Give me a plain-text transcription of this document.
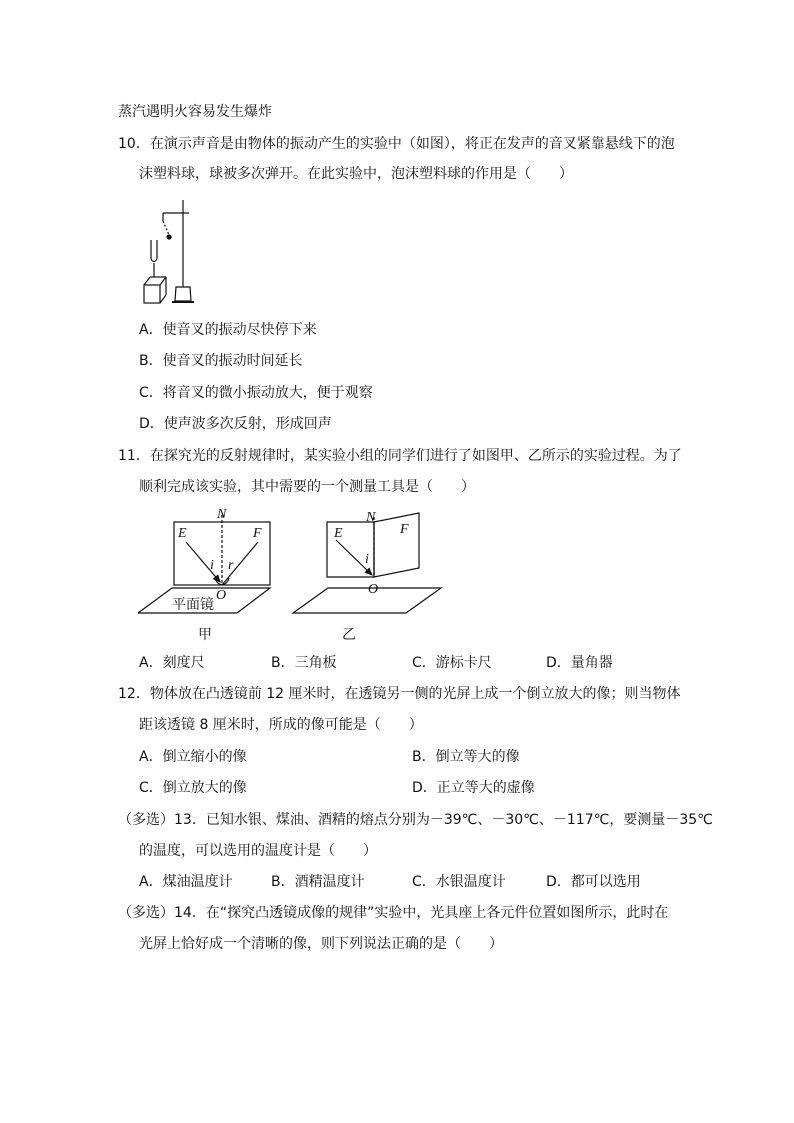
蒸汽遇明火容易发生爆炸
10．在演示声音是由物体的振动产生的实验中（如图），将正在发声的音叉紧靠悬线下的泡
沫塑料球，球被多次弹开。在此实验中，泡沫塑料球的作用是（　　）
A．使音叉的振动尽快停下来
B．使音叉的振动时间延长
C．将音叉的微小振动放大，便于观察
D．使声波多次反射，形成回声
11．在探究光的反射规律时，某实验小组的同学们进行了如图甲、乙所示的实验过程。为了
顺利完成该实验，其中需要的一个测量工具是（　　）
N
E	F
i r
O
N
E	F
i
O
平面镜
甲	乙
A．刻度尺	B．三角板	C．游标卡尺	D．量角器
12．物体放在凸透镜前 12 厘米时，在透镜另一侧的光屏上成一个倒立放大的像；则当物体
距该透镜 8 厘米时，所成的像可能是（　　）
A．倒立缩小的像	B．倒立等大的像
C．倒立放大的像	D．正立等大的虚像
（多选）13．已知水银、煤油、酒精的熔点分别为－39℃、－30℃、－117℃，要测量－35℃
的温度，可以选用的温度计是（　　）
A．煤油温度计	B．酒精温度计	C．水银温度计	D．都可以选用
（多选）14．在“探究凸透镜成像的规律”实验中，光具座上各元件位置如图所示，此时在
光屏上恰好成一个清晰的像，则下列说法正确的是（　　）
